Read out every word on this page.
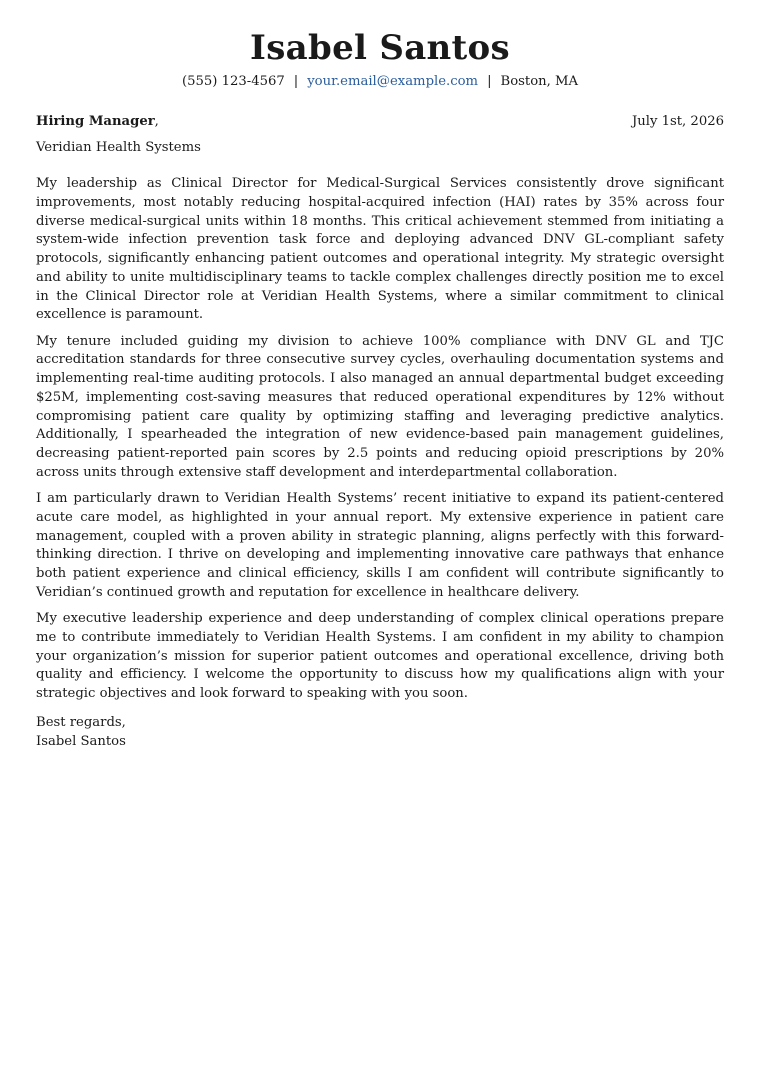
Isabel Santos
(555) 123-4567 | your.email@example.com | Boston, MA
Hiring Manager,	July 1st, 2026
Veridian Health Systems

My leadership as Clinical Director for Medical-Surgical Services consistently drove significant improvements, most notably reducing hospital-acquired infection (HAI) rates by 35% across four diverse medical-surgical units within 18 months. This critical achievement stemmed from initiating a system-wide infection prevention task force and deploying advanced DNV GL-compliant safety protocols, significantly enhancing patient outcomes and operational integrity. My strategic oversight and ability to unite multidisciplinary teams to tackle complex challenges directly position me to excel in the Clinical Director role at Veridian Health Systems, where a similar commitment to clinical excellence is paramount.

My tenure included guiding my division to achieve 100% compliance with DNV GL and TJC accreditation standards for three consecutive survey cycles, overhauling documentation systems and implementing real-time auditing protocols. I also managed an annual departmental budget exceeding $25M, implementing cost-saving measures that reduced operational expenditures by 12% without compromising patient care quality by optimizing staffing and leveraging predictive analytics. Additionally, I spearheaded the integration of new evidence-based pain management guidelines, decreasing patient-reported pain scores by 2.5 points and reducing opioid prescriptions by 20% across units through extensive staff development and interdepartmental collaboration.

I am particularly drawn to Veridian Health Systems’ recent initiative to expand its patient-centered acute care model, as highlighted in your annual report. My extensive experience in patient care management, coupled with a proven ability in strategic planning, aligns perfectly with this forward-thinking direction. I thrive on developing and implementing innovative care pathways that enhance both patient experience and clinical efficiency, skills I am confident will contribute significantly to Veridian’s continued growth and reputation for excellence in healthcare delivery.

My executive leadership experience and deep understanding of complex clinical operations prepare me to contribute immediately to Veridian Health Systems. I am confident in my ability to champion your organization’s mission for superior patient outcomes and operational excellence, driving both quality and efficiency. I welcome the opportunity to discuss how my qualifications align with your strategic objectives and look forward to speaking with you soon.

Best regards,
Isabel Santos
